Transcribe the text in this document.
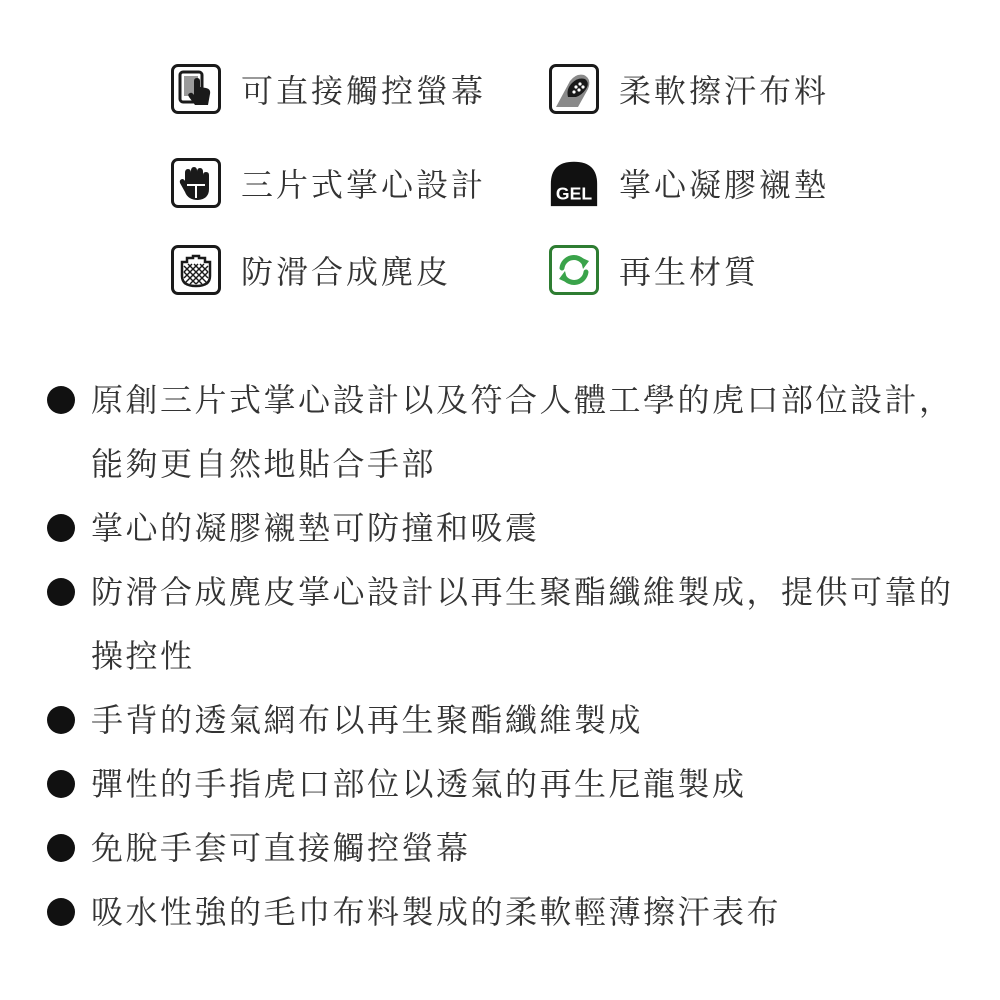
可直接觸控螢幕	柔軟擦汗布料
三片式掌心設計	GEL 掌心凝膠襯墊
防滑合成麂皮	再生材質
原創三片式掌心設計以及符合人體工學的虎口部位設計，能夠更自然地貼合手部
掌心的凝膠襯墊可防撞和吸震
防滑合成麂皮掌心設計以再生聚酯纖維製成，提供可靠的操控性
手背的透氣網布以再生聚酯纖維製成
彈性的手指虎口部位以透氣的再生尼龍製成
免脫手套可直接觸控螢幕
吸水性強的毛巾布料製成的柔軟輕薄擦汗表布
